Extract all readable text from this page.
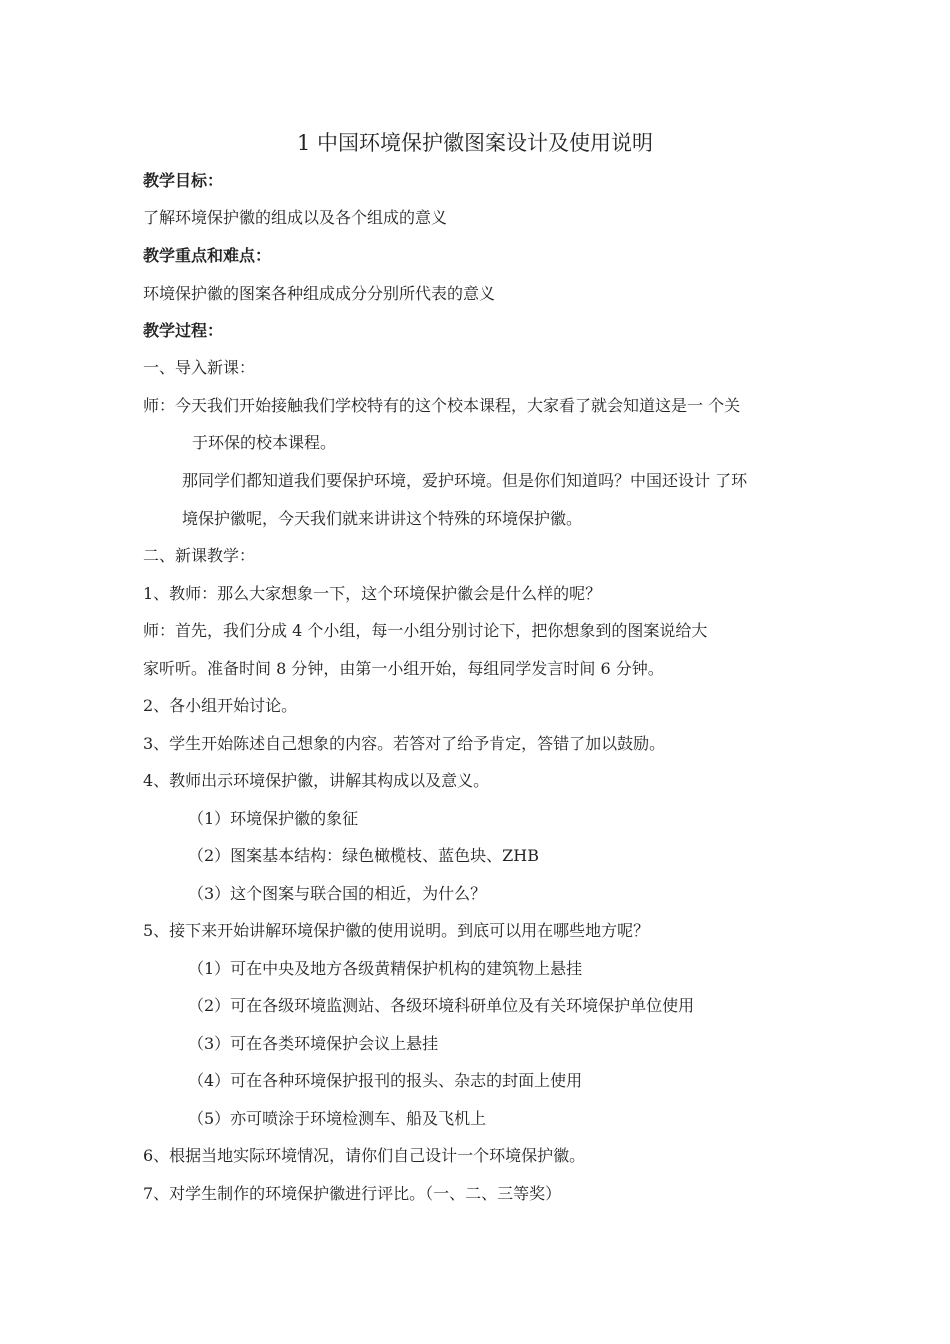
1 中国环境保护徽图案设计及使用说明

教学目标：

了解环境保护徽的组成以及各个组成的意义

教学重点和难点：

环境保护徽的图案各种组成成分分别所代表的意义

教学过程：

一、导入新课：

师：今天我们开始接触我们学校特有的这个校本课程，大家看了就会知道这是一 个关

于环保的校本课程。

那同学们都知道我们要保护环境，爱护环境。但是你们知道吗？中国还设计 了环

境保护徽呢，今天我们就来讲讲这个特殊的环境保护徽。

二、新课教学：

1、教师：那么大家想象一下，这个环境保护徽会是什么样的呢？

师：首先，我们分成 4 个小组，每一小组分别讨论下，把你想象到的图案说给大

家听听。准备时间 8 分钟，由第一小组开始，每组同学发言时间 6 分钟。

2、各小组开始讨论。

3、学生开始陈述自己想象的内容。若答对了给予肯定，答错了加以鼓励。

4、教师出示环境保护徽，讲解其构成以及意义。

（1）环境保护徽的象征

（2）图案基本结构：绿色橄榄枝、蓝色块、ZHB

（3）这个图案与联合国的相近，为什么？

5、接下来开始讲解环境保护徽的使用说明。到底可以用在哪些地方呢？

（1）可在中央及地方各级黄精保护机构的建筑物上悬挂

（2）可在各级环境监测站、各级环境科研单位及有关环境保护单位使用

（3）可在各类环境保护会议上悬挂

（4）可在各种环境保护报刊的报头、杂志的封面上使用

（5）亦可喷涂于环境检测车、船及飞机上

6、根据当地实际环境情况，请你们自己设计一个环境保护徽。

7、对学生制作的环境保护徽进行评比。（一、二、三等奖）
